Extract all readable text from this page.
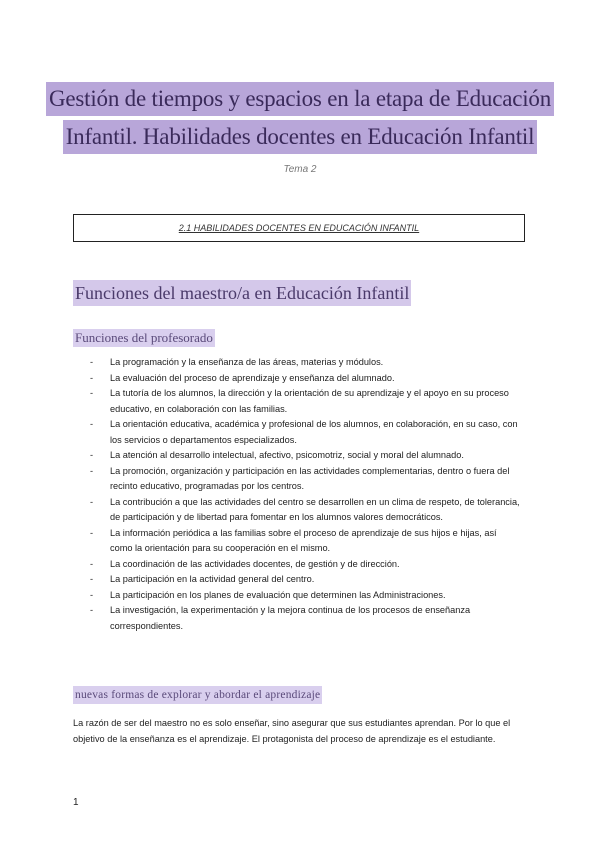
Gestión de tiempos y espacios en la etapa de Educación
Infantil. Habilidades docentes en Educación Infantil
Tema 2
2.1 HABILIDADES DOCENTES EN EDUCACIÓN INFANTIL
Funciones del maestro/a en Educación Infantil
Funciones del profesorado
- La programación y la enseñanza de las áreas, materias y módulos.
- La evaluación del proceso de aprendizaje y enseñanza del alumnado.
- La tutoría de los alumnos, la dirección y la orientación de su aprendizaje y el apoyo en su proceso educativo, en colaboración con las familias.
- La orientación educativa, académica y profesional de los alumnos, en colaboración, en su caso, con los servicios o departamentos especializados.
- La atención al desarrollo intelectual, afectivo, psicomotriz, social y moral del alumnado.
- La promoción, organización y participación en las actividades complementarias, dentro o fuera del recinto educativo, programadas por los centros.
- La contribución a que las actividades del centro se desarrollen en un clima de respeto, de tolerancia, de participación y de libertad para fomentar en los alumnos valores democráticos.
- La información periódica a las familias sobre el proceso de aprendizaje de sus hijos e hijas, así como la orientación para su cooperación en el mismo.
- La coordinación de las actividades docentes, de gestión y de dirección.
- La participación en la actividad general del centro.
- La participación en los planes de evaluación que determinen las Administraciones.
- La investigación, la experimentación y la mejora continua de los procesos de enseñanza correspondientes.
nuevas formas de explorar y abordar el aprendizaje
La razón de ser del maestro no es solo enseñar, sino asegurar que sus estudiantes aprendan. Por lo que el objetivo de la enseñanza es el aprendizaje. El protagonista del proceso de aprendizaje es el estudiante.
1
